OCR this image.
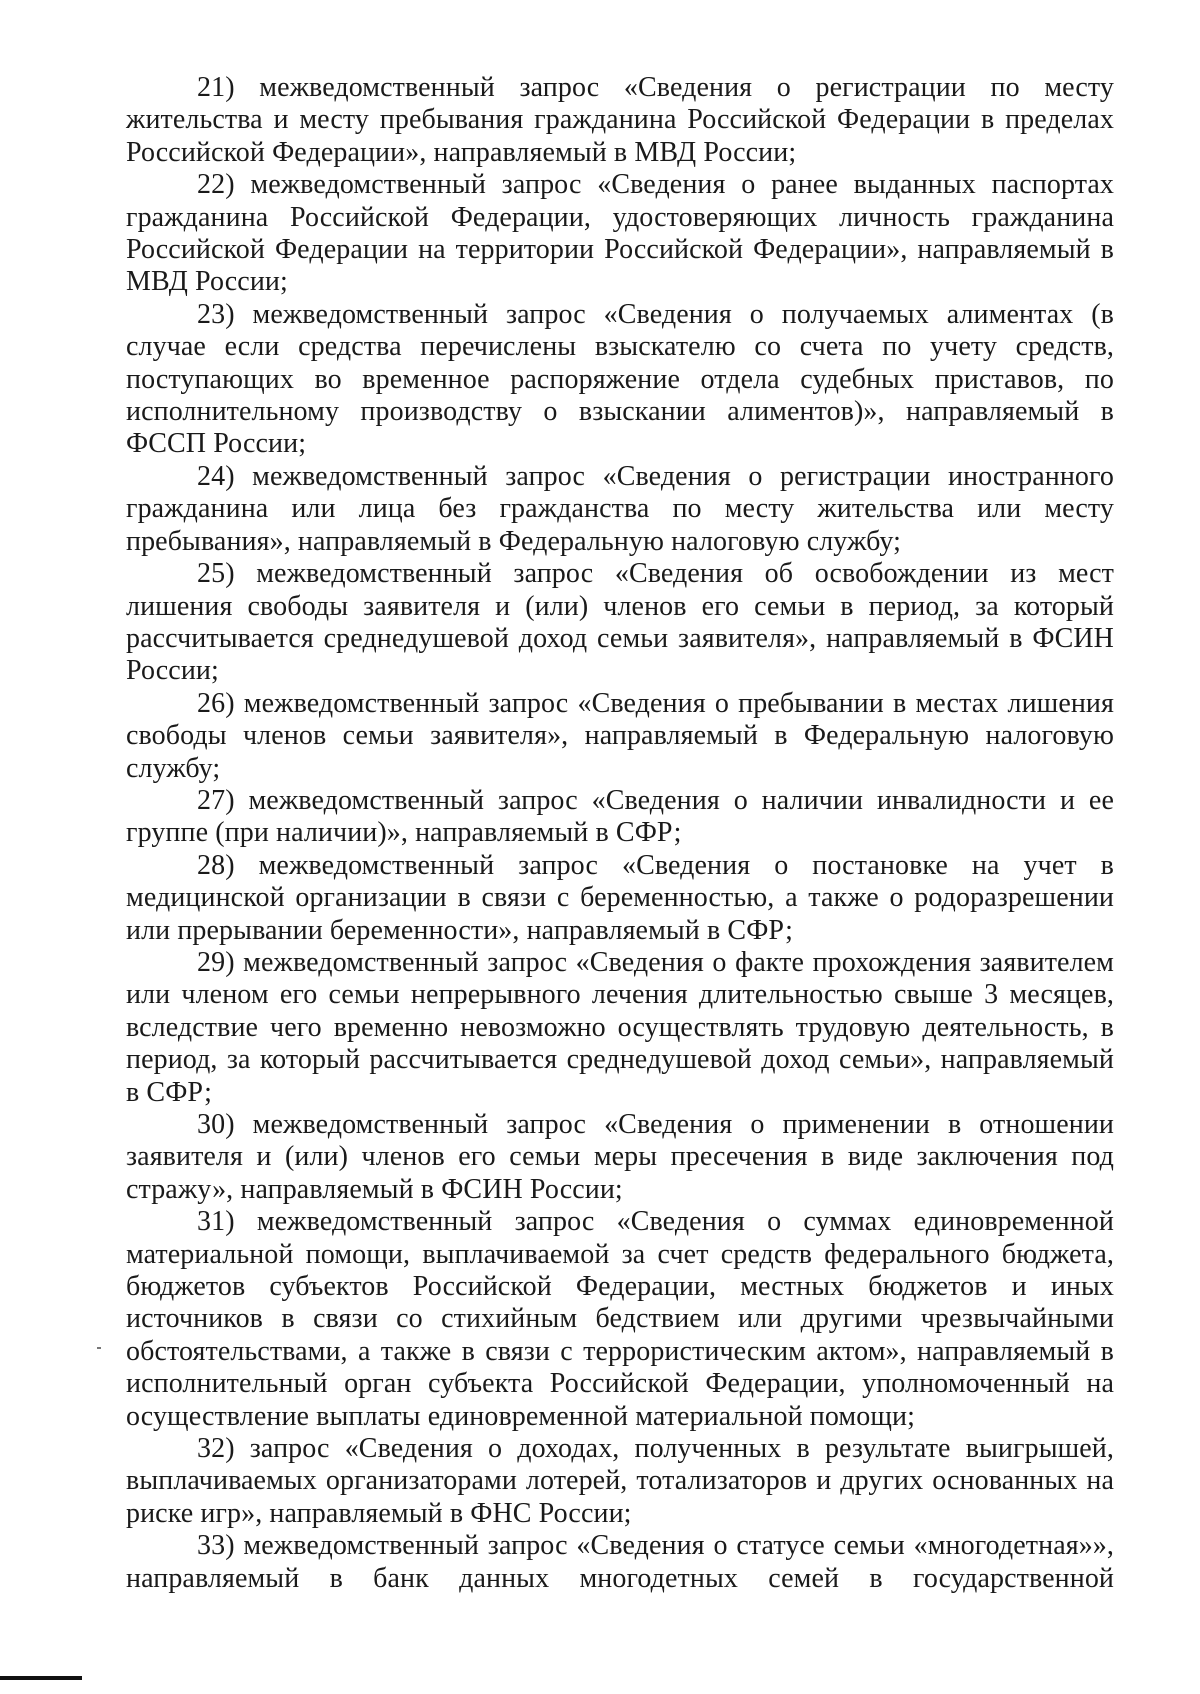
21) межведомственный запрос «Сведения о регистрации по месту жительства и месту пребывания гражданина Российской Федерации в пределах Российской Федерации», направляемый в МВД России;

22) межведомственный запрос «Сведения о ранее выданных паспортах гражданина Российской Федерации, удостоверяющих личность гражданина Российской Федерации на территории Российской Федерации», направляемый в МВД России;

23) межведомственный запрос «Сведения о получаемых алиментах (в случае если средства перечислены взыскателю со счета по учету средств, поступающих во временное распоряжение отдела судебных приставов, по исполнительному производству о взыскании алиментов)», направляемый в ФССП России;

24) межведомственный запрос «Сведения о регистрации иностранного гражданина или лица без гражданства по месту жительства или месту пребывания», направляемый в Федеральную налоговую службу;

25) межведомственный запрос «Сведения об освобождении из мест лишения свободы заявителя и (или) членов его семьи в период, за который рассчитывается среднедушевой доход семьи заявителя», направляемый в ФСИН России;

26) межведомственный запрос «Сведения о пребывании в местах лишения свободы членов семьи заявителя», направляемый в Федеральную налоговую службу;

27) межведомственный запрос «Сведения о наличии инвалидности и ее группе (при наличии)», направляемый в СФР;

28) межведомственный запрос «Сведения о постановке на учет в медицинской организации в связи с беременностью, а также о родоразрешении или прерывании беременности», направляемый в СФР;

29) межведомственный запрос «Сведения о факте прохождения заявителем или членом его семьи непрерывного лечения длительностью свыше 3 месяцев, вследствие чего временно невозможно осуществлять трудовую деятельность, в период, за который рассчитывается среднедушевой доход семьи», направляемый в СФР;

30) межведомственный запрос «Сведения о применении в отношении заявителя и (или) членов его семьи меры пресечения в виде заключения под стражу», направляемый в ФСИН России;

31) межведомственный запрос «Сведения о суммах единовременной материальной помощи, выплачиваемой за счет средств федерального бюджета, бюджетов субъектов Российской Федерации, местных бюджетов и иных источников в связи со стихийным бедствием или другими чрезвычайными обстоятельствами, а также в связи с террористическим актом», направляемый в исполнительный орган субъекта Российской Федерации, уполномоченный на осуществление выплаты единовременной материальной помощи;

32) запрос «Сведения о доходах, полученных в результате выигрышей, выплачиваемых организаторами лотерей, тотализаторов и других основанных на риске игр», направляемый в ФНС России;

33) межведомственный запрос «Сведения о статусе семьи «многодетная»», направляемый в банк данных многодетных семей в государственной
